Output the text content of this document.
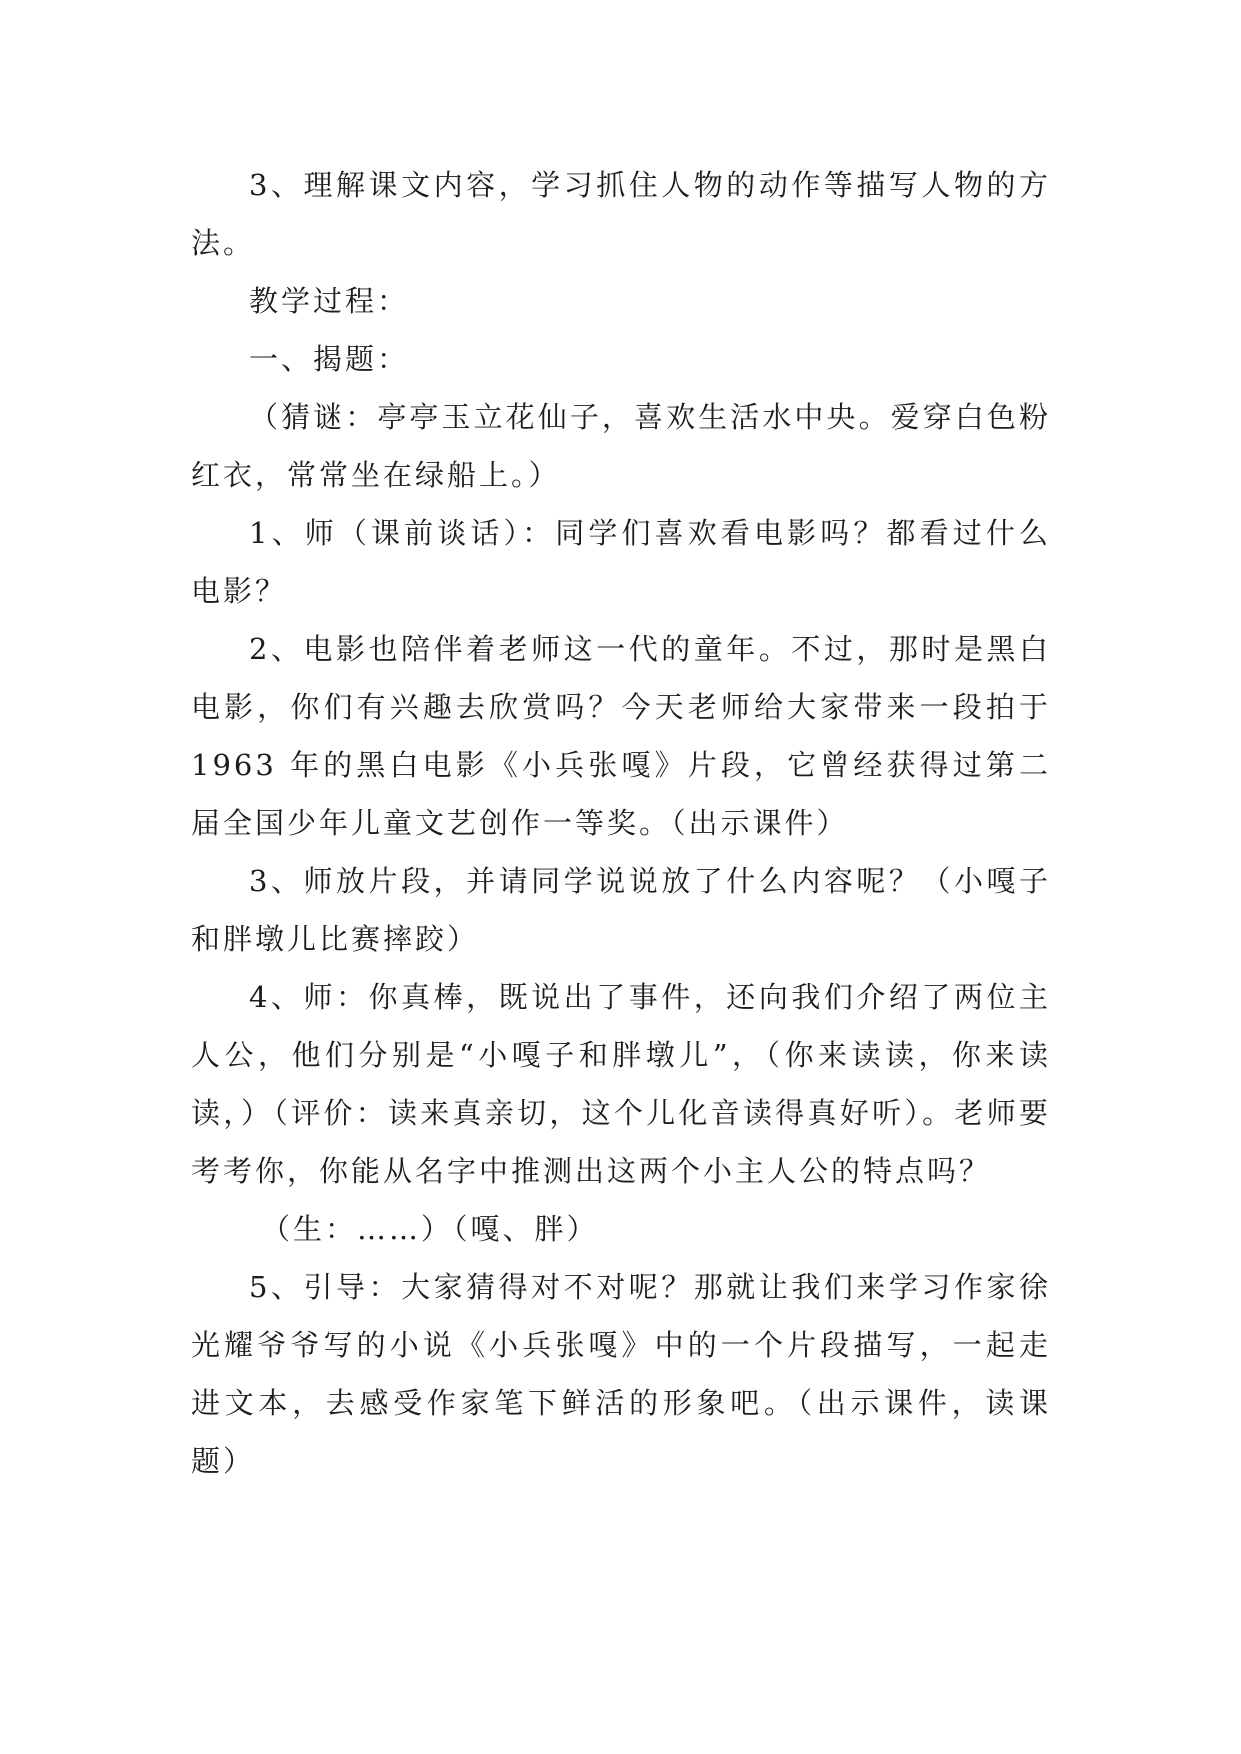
3、理解课文内容，学习抓住人物的动作等描写人物的方法。

教学过程：

一、揭题：

（猜谜：亭亭玉立花仙子，喜欢生活水中央。爱穿白色粉红衣，常常坐在绿船上。）

1、师（课前谈话）：同学们喜欢看电影吗？都看过什么电影？

2、电影也陪伴着老师这一代的童年。不过，那时是黑白电影，你们有兴趣去欣赏吗？今天老师给大家带来一段拍于 1963 年的黑白电影《小兵张嘎》片段，它曾经获得过第二届全国少年儿童文艺创作一等奖。（出示课件）

3、师放片段，并请同学说说放了什么内容呢？（小嘎子和胖墩儿比赛摔跤）

4、师：你真棒，既说出了事件，还向我们介绍了两位主人公，他们分别是“小嘎子和胖墩儿”，（你来读读，你来读读，）（评价：读来真亲切，这个儿化音读得真好听）。老师要考考你，你能从名字中推测出这两个小主人公的特点吗？

（生：……）（嘎、胖）

5、引导：大家猜得对不对呢？那就让我们来学习作家徐光耀爷爷写的小说《小兵张嘎》中的一个片段描写，一起走进文本，去感受作家笔下鲜活的形象吧。（出示课件，读课题）
